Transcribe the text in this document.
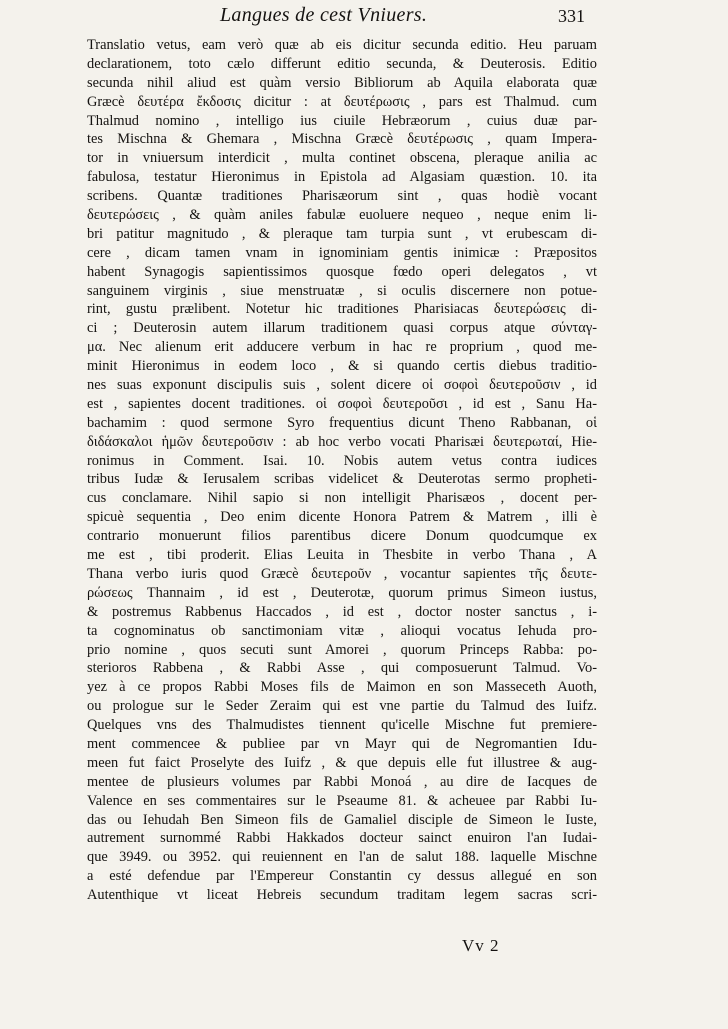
Langues de cest Vniuers.	331
Translatio vetus, eam verò quæ ab eis dicitur secunda editio. Heu paruam
declarationem, toto cælo differunt editio secunda, & Deuterosis. Editio
secunda nihil aliud est quàm versio Bibliorum ab Aquila elaborata quæ
Græcè δευτέρα ἔκδοσις dicitur : at δευτέρωσις , pars est Thalmud. cum
Thalmud nomino , intelligo ius ciuile Hebræorum , cuius duæ par-
tes Mischna & Ghemara , Mischna Græcè δευτέρωσις , quam Impera-
tor in vniuersum interdicit , multa continet obscena, pleraque anilia ac
fabulosa, testatur Hieronimus in Epistola ad Algasiam quæstion. 10. ita
scribens. Quantæ traditiones Pharisæorum sint , quas hodiè vocant
δευτερώσεις , & quàm aniles fabulæ euoluere nequeo , neque enim li-
bri patitur magnitudo , & pleraque tam turpia sunt , vt erubescam di-
cere , dicam tamen vnam in ignominiam gentis inimicæ : Præpositos
habent Synagogis sapientissimos quosque fœdo operi delegatos , vt
sanguinem virginis , siue menstruatæ , si oculis discernere non potue-
rint, gustu prælibent. Notetur hic traditiones Pharisiacas δευτερώσεις di-
ci ; Deuterosin autem illarum traditionem quasi corpus atque σύνταγ-
μα. Nec alienum erit adducere verbum in hac re proprium , quod me-
minit Hieronimus in eodem loco , & si quando certis diebus traditio-
nes suas exponunt discipulis suis , solent dicere οἱ σοφοὶ δευτεροῦσιν , id
est , sapientes docent traditiones. οἱ σοφοὶ δευτεροῦσι , id est , Sanu Ha-
bachamim : quod sermone Syro frequentius dicunt Theno Rabbanan, οἱ
διδάσκαλοι ἡμῶν δευτεροῦσιν : ab hoc verbo vocati Pharisæi δευτερωταί, Hie-
ronimus in Comment. Isai. 10. Nobis autem vetus contra iudices
tribus Iudæ & Ierusalem scribas videlicet & Deuterotas sermo propheti-
cus conclamare. Nihil sapio si non intelligit Pharisæos , docent per-
spicuè sequentia , Deo enim dicente Honora Patrem & Matrem , illi è
contrario monuerunt filios parentibus dicere Donum quodcumque ex
me est , tibi proderit. Elias Leuita in Thesbite in verbo Thana , A
Thana verbo iuris quod Græcè δευτεροῦν , vocantur sapientes τῆς δευτε-
ρώσεως Thannaim , id est , Deuterotæ, quorum primus Simeon iustus,
& postremus Rabbenus Haccados , id est , doctor noster sanctus , i-
ta cognominatus ob sanctimoniam vitæ , alioqui vocatus Iehuda pro-
prio nomine , quos secuti sunt Amorei , quorum Princeps Rabba: po-
sterioros Rabbena , & Rabbi Asse , qui composuerunt Talmud. Vo-
yez à ce propos Rabbi Moses fils de Maimon en son Masseceth Auoth,
ou prologue sur le Seder Zeraim qui est vne partie du Talmud des Iuifz.
Quelques vns des Thalmudistes tiennent qu'icelle Mischne fut premiere-
ment commencee & publiee par vn Mayr qui de Negromantien Idu-
meen fut faict Proselyte des Iuifz , & que depuis elle fut illustree & aug-
mentee de plusieurs volumes par Rabbi Monoá , au dire de Iacques de
Valence en ses commentaires sur le Pseaume 81. & acheuee par Rabbi Iu-
das ou Iehudah Ben Simeon fils de Gamaliel disciple de Simeon le Iuste,
autrement surnommé Rabbi Hakkados docteur sainct enuiron l'an Iudai-
que 3949. ou 3952. qui reuiennent en l'an de salut 188. laquelle Mischne
a esté defendue par l'Empereur Constantin cy dessus allegué en son
Autenthique vt liceat Hebreis secundum traditam legem sacras scri-
Vv 2
